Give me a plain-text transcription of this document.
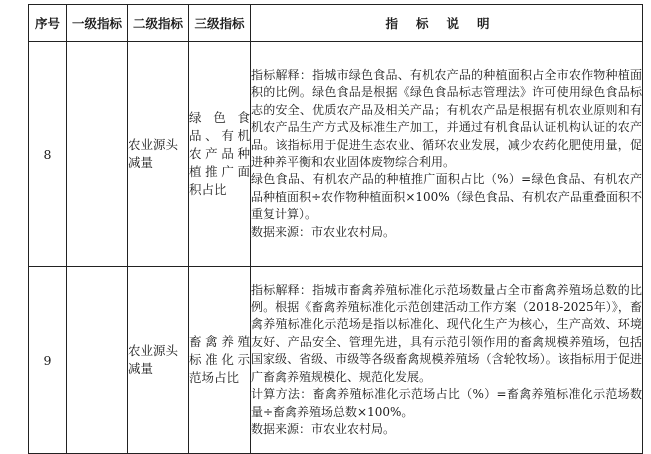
序号	一级指标	二级指标	三级指标	指标说明
8		农业源头减量	绿色食品、有机农产品种植推广面积占比	指标解释：指城市绿色食品、有机农产品的种植面积占全市农作物种植面积的比例。绿色食品是根据《绿色食品标志管理法》许可使用绿色食品标志的安全、优质农产品及相关产品；有机农产品是根据有机农业原则和有机农产品生产方式及标准生产加工，并通过有机食品认证机构认证的农产品。该指标用于促进生态农业、循环农业发展，减少农药化肥使用量，促进种养平衡和农业固体废物综合利用。

绿色食品、有机农产品的种植推广面积占比（%）=绿色食品、有机农产品种植面积÷农作物种植面积×100%（绿色食品、有机农产品重叠面积不重复计算）。

数据来源：市农业农村局。

9		农业源头减量	畜禽养殖标准化示范场占比	指标解释：指城市畜禽养殖标准化示范场数量占全市畜禽养殖场总数的比例。根据《畜禽养殖标准化示范创建活动工作方案（2018-2025年）》，畜禽养殖标准化示范场是指以标准化、现代化生产为核心，生产高效、环境友好、产品安全、管理先进，具有示范引领作用的畜禽规模养殖场，包括国家级、省级、市级等各级畜禽规模养殖场（含轮牧场）。该指标用于促进广畜禽养殖规模化、规范化发展。

计算方法：畜禽养殖标准化示范场占比（%）=畜禽养殖标准化示范场数量÷畜禽养殖场总数×100%。

数据来源：市农业农村局。
